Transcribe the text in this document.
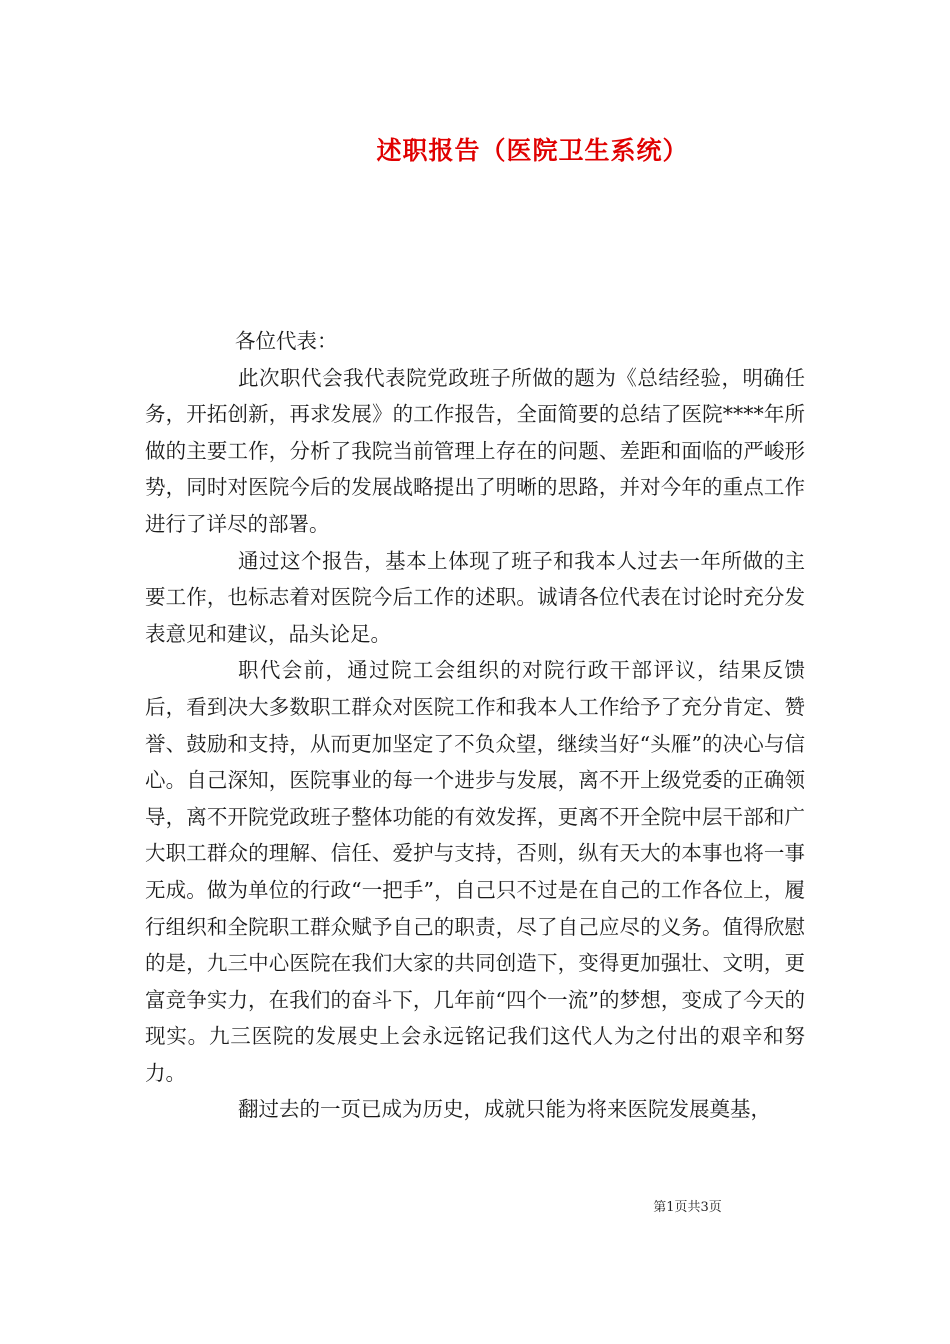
述职报告（医院卫生系统）

各位代表：

此次职代会我代表院党政班子所做的题为《总结经验，明确任务，开拓创新，再求发展》的工作报告，全面简要的总结了医院****年所做的主要工作，分析了我院当前管理上存在的问题、差距和面临的严峻形势，同时对医院今后的发展战略提出了明晰的思路，并对今年的重点工作进行了详尽的部署。

通过这个报告，基本上体现了班子和我本人过去一年所做的主要工作，也标志着对医院今后工作的述职。诚请各位代表在讨论时充分发表意见和建议，品头论足。

职代会前，通过院工会组织的对院行政干部评议，结果反馈后，看到决大多数职工群众对医院工作和我本人工作给予了充分肯定、赞誉、鼓励和支持，从而更加坚定了不负众望，继续当好“头雁”的决心与信心。自己深知，医院事业的每一个进步与发展，离不开上级党委的正确领导，离不开院党政班子整体功能的有效发挥，更离不开全院中层干部和广大职工群众的理解、信任、爱护与支持，否则，纵有天大的本事也将一事无成。做为单位的行政“一把手”，自己只不过是在自己的工作各位上，履行组织和全院职工群众赋予自己的职责，尽了自己应尽的义务。值得欣慰的是，九三中心医院在我们大家的共同创造下，变得更加强壮、文明，更富竞争实力，在我们的奋斗下，几年前“四个一流”的梦想，变成了今天的现实。九三医院的发展史上会永远铭记我们这代人为之付出的艰辛和努力。

翻过去的一页已成为历史，成就只能为将来医院发展奠基，

第1页共3页
